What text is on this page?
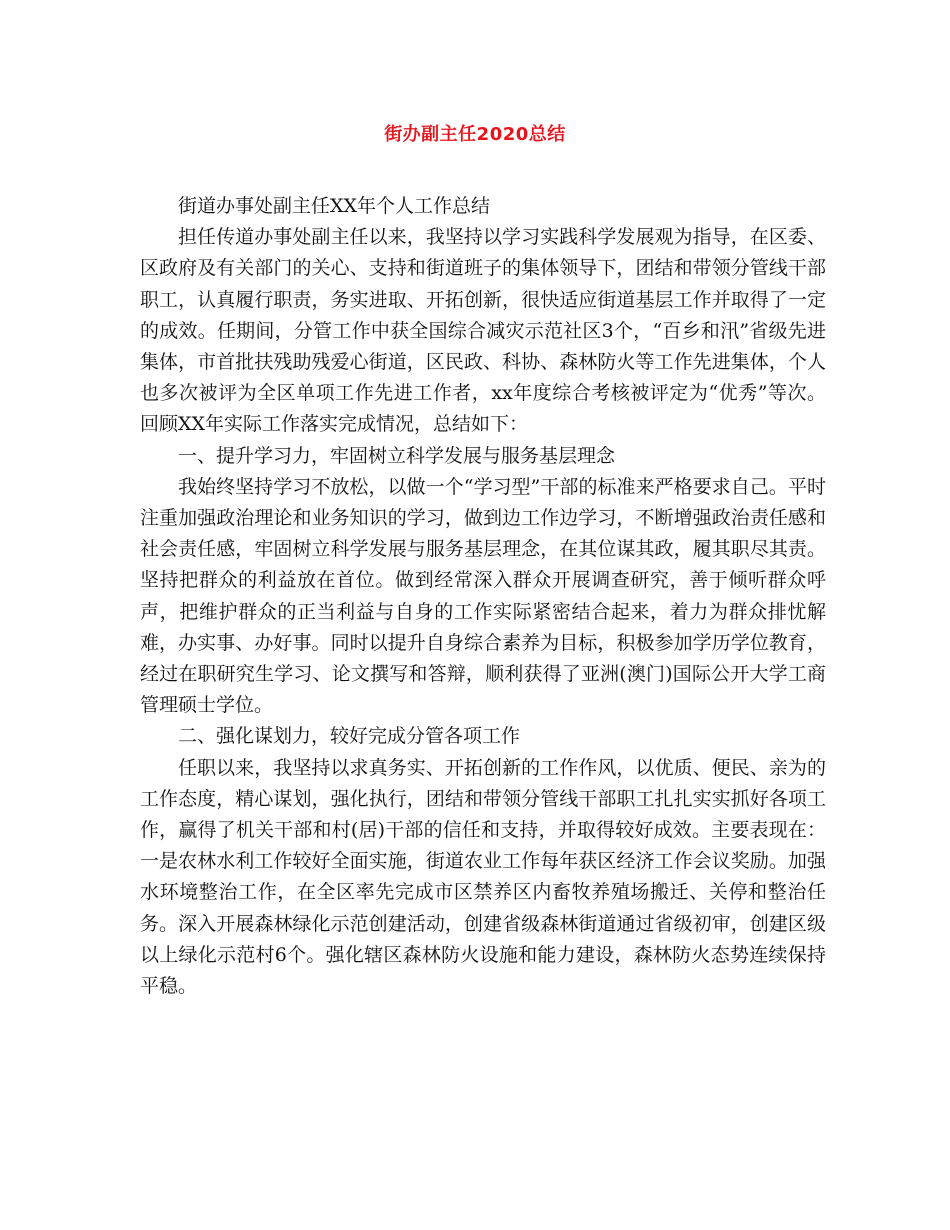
街办副主任2020总结

街道办事处副主任XX年个人工作总结

担任传道办事处副主任以来，我坚持以学习实践科学发展观为指导，在区委、区政府及有关部门的关心、支持和街道班子的集体领导下，团结和带领分管线干部职工，认真履行职责，务实进取、开拓创新，很快适应街道基层工作并取得了一定的成效。任期间，分管工作中获全国综合减灾示范社区3个，“百乡和汛”省级先进集体，市首批扶残助残爱心街道，区民政、科协、森林防火等工作先进集体，个人也多次被评为全区单项工作先进工作者，xx年度综合考核被评定为“优秀”等次。回顾XX年实际工作落实完成情况，总结如下：

一、提升学习力，牢固树立科学发展与服务基层理念

我始终坚持学习不放松，以做一个“学习型”干部的标准来严格要求自己。平时注重加强政治理论和业务知识的学习，做到边工作边学习，不断增强政治责任感和社会责任感，牢固树立科学发展与服务基层理念，在其位谋其政，履其职尽其责。坚持把群众的利益放在首位。做到经常深入群众开展调查研究，善于倾听群众呼声，把维护群众的正当利益与自身的工作实际紧密结合起来，着力为群众排忧解难，办实事、办好事。同时以提升自身综合素养为目标，积极参加学历学位教育，经过在职研究生学习、论文撰写和答辩，顺利获得了亚洲(澳门)国际公开大学工商管理硕士学位。

二、强化谋划力，较好完成分管各项工作

任职以来，我坚持以求真务实、开拓创新的工作作风，以优质、便民、亲为的工作态度，精心谋划，强化执行，团结和带领分管线干部职工扎扎实实抓好各项工作，赢得了机关干部和村(居)干部的信任和支持，并取得较好成效。主要表现在：一是农林水利工作较好全面实施，街道农业工作每年获区经济工作会议奖励。加强水环境整治工作，在全区率先完成市区禁养区内畜牧养殖场搬迁、关停和整治任务。深入开展森林绿化示范创建活动，创建省级森林街道通过省级初审，创建区级以上绿化示范村6个。强化辖区森林防火设施和能力建设，森林防火态势连续保持平稳。
